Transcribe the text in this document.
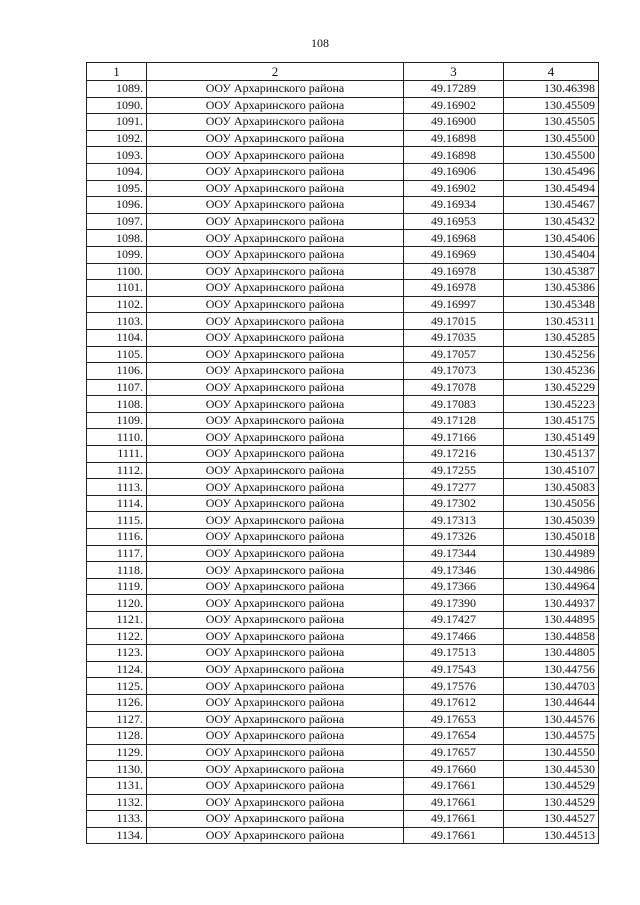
108
1	2	3	4
1089.	ООУ Архаринского района	49.17289	130.46398
1090.	ООУ Архаринского района	49.16902	130.45509
1091.	ООУ Архаринского района	49.16900	130.45505
1092.	ООУ Архаринского района	49.16898	130.45500
1093.	ООУ Архаринского района	49.16898	130.45500
1094.	ООУ Архаринского района	49.16906	130.45496
1095.	ООУ Архаринского района	49.16902	130.45494
1096.	ООУ Архаринского района	49.16934	130.45467
1097.	ООУ Архаринского района	49.16953	130.45432
1098.	ООУ Архаринского района	49.16968	130.45406
1099.	ООУ Архаринского района	49.16969	130.45404
1100.	ООУ Архаринского района	49.16978	130.45387
1101.	ООУ Архаринского района	49.16978	130.45386
1102.	ООУ Архаринского района	49.16997	130.45348
1103.	ООУ Архаринского района	49.17015	130.45311
1104.	ООУ Архаринского района	49.17035	130.45285
1105.	ООУ Архаринского района	49.17057	130.45256
1106.	ООУ Архаринского района	49.17073	130.45236
1107.	ООУ Архаринского района	49.17078	130.45229
1108.	ООУ Архаринского района	49.17083	130.45223
1109.	ООУ Архаринского района	49.17128	130.45175
1110.	ООУ Архаринского района	49.17166	130.45149
1111.	ООУ Архаринского района	49.17216	130.45137
1112.	ООУ Архаринского района	49.17255	130.45107
1113.	ООУ Архаринского района	49.17277	130.45083
1114.	ООУ Архаринского района	49.17302	130.45056
1115.	ООУ Архаринского района	49.17313	130.45039
1116.	ООУ Архаринского района	49.17326	130.45018
1117.	ООУ Архаринского района	49.17344	130.44989
1118.	ООУ Архаринского района	49.17346	130.44986
1119.	ООУ Архаринского района	49.17366	130.44964
1120.	ООУ Архаринского района	49.17390	130.44937
1121.	ООУ Архаринского района	49.17427	130.44895
1122.	ООУ Архаринского района	49.17466	130.44858
1123.	ООУ Архаринского района	49.17513	130.44805
1124.	ООУ Архаринского района	49.17543	130.44756
1125.	ООУ Архаринского района	49.17576	130.44703
1126.	ООУ Архаринского района	49.17612	130.44644
1127.	ООУ Архаринского района	49.17653	130.44576
1128.	ООУ Архаринского района	49.17654	130.44575
1129.	ООУ Архаринского района	49.17657	130.44550
1130.	ООУ Архаринского района	49.17660	130.44530
1131.	ООУ Архаринского района	49.17661	130.44529
1132.	ООУ Архаринского района	49.17661	130.44529
1133.	ООУ Архаринского района	49.17661	130.44527
1134.	ООУ Архаринского района	49.17661	130.44513
